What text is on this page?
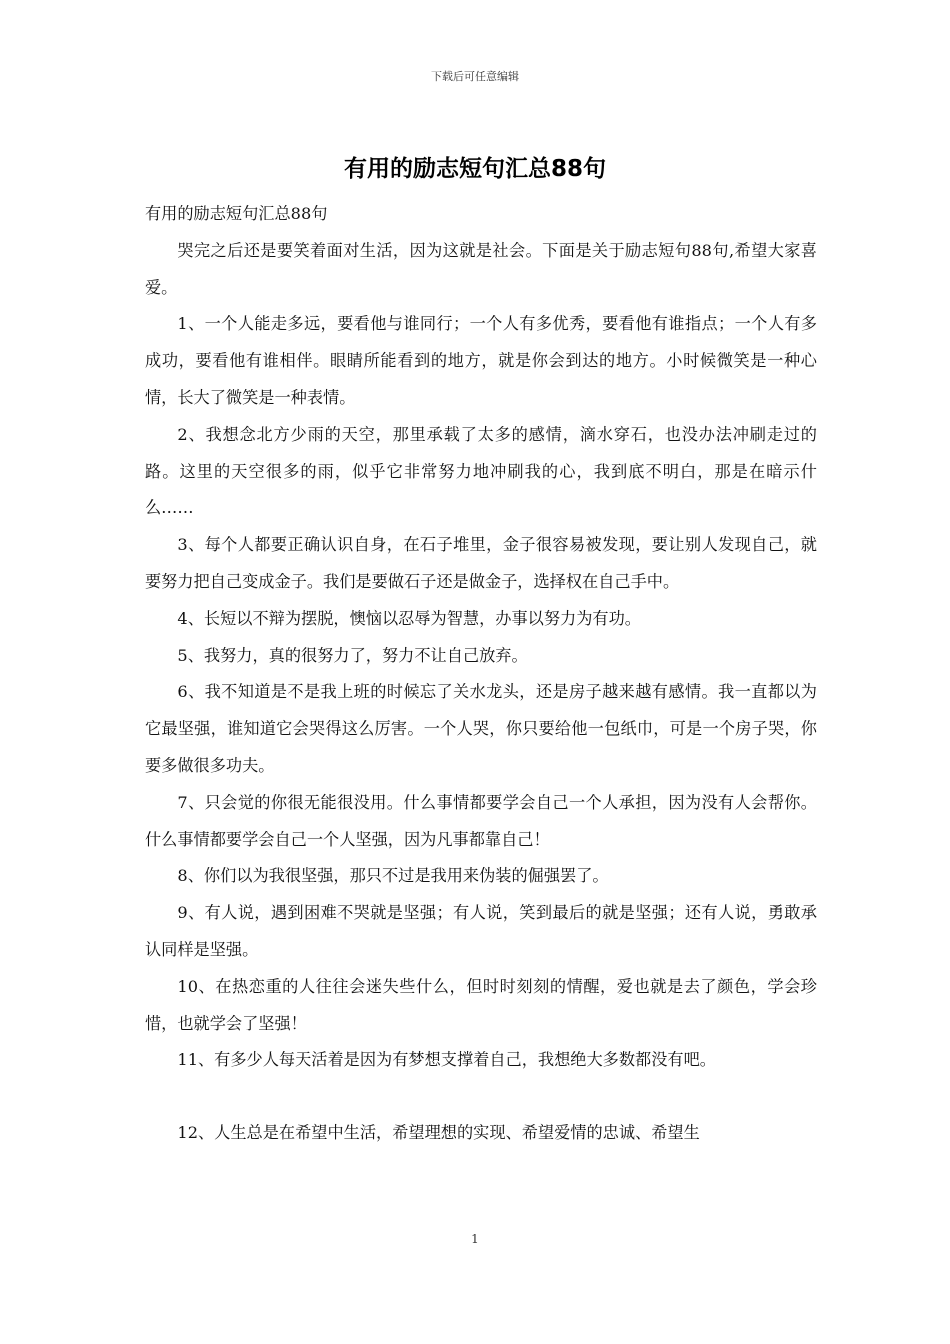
下载后可任意编辑
有用的励志短句汇总88句

有用的励志短句汇总88句

哭完之后还是要笑着面对生活，因为这就是社会。下面是关于励志短句88句,希望大家喜爱。

1、一个人能走多远，要看他与谁同行；一个人有多优秀，要看他有谁指点；一个人有多成功，要看他有谁相伴。眼睛所能看到的地方，就是你会到达的地方。小时候微笑是一种心情，长大了微笑是一种表情。

2、我想念北方少雨的天空，那里承载了太多的感情，滴水穿石，也没办法冲刷走过的路。这里的天空很多的雨，似乎它非常努力地冲刷我的心，我到底不明白，那是在暗示什么……

3、每个人都要正确认识自身，在石子堆里，金子很容易被发现，要让别人发现自己，就要努力把自己变成金子。我们是要做石子还是做金子，选择权在自己手中。

4、长短以不辩为摆脱，懊恼以忍辱为智慧，办事以努力为有功。

5、我努力，真的很努力了，努力不让自己放弃。

6、我不知道是不是我上班的时候忘了关水龙头，还是房子越来越有感情。我一直都以为它最坚强，谁知道它会哭得这么厉害。一个人哭，你只要给他一包纸巾，可是一个房子哭，你要多做很多功夫。

7、只会觉的你很无能很没用。什么事情都要学会自己一个人承担，因为没有人会帮你。什么事情都要学会自己一个人坚强，因为凡事都靠自己！

8、你们以为我很坚强，那只不过是我用来伪装的倔强罢了。

9、有人说，遇到困难不哭就是坚强；有人说，笑到最后的就是坚强；还有人说，勇敢承认同样是坚强。

10、在热恋重的人往往会迷失些什么，但时时刻刻的情醒，爱也就是去了颜色，学会珍惜，也就学会了坚强！

11、有多少人每天活着是因为有梦想支撑着自己，我想绝大多数都没有吧。

12、人生总是在希望中生活，希望理想的实现、希望爱情的忠诚、希望生

1
